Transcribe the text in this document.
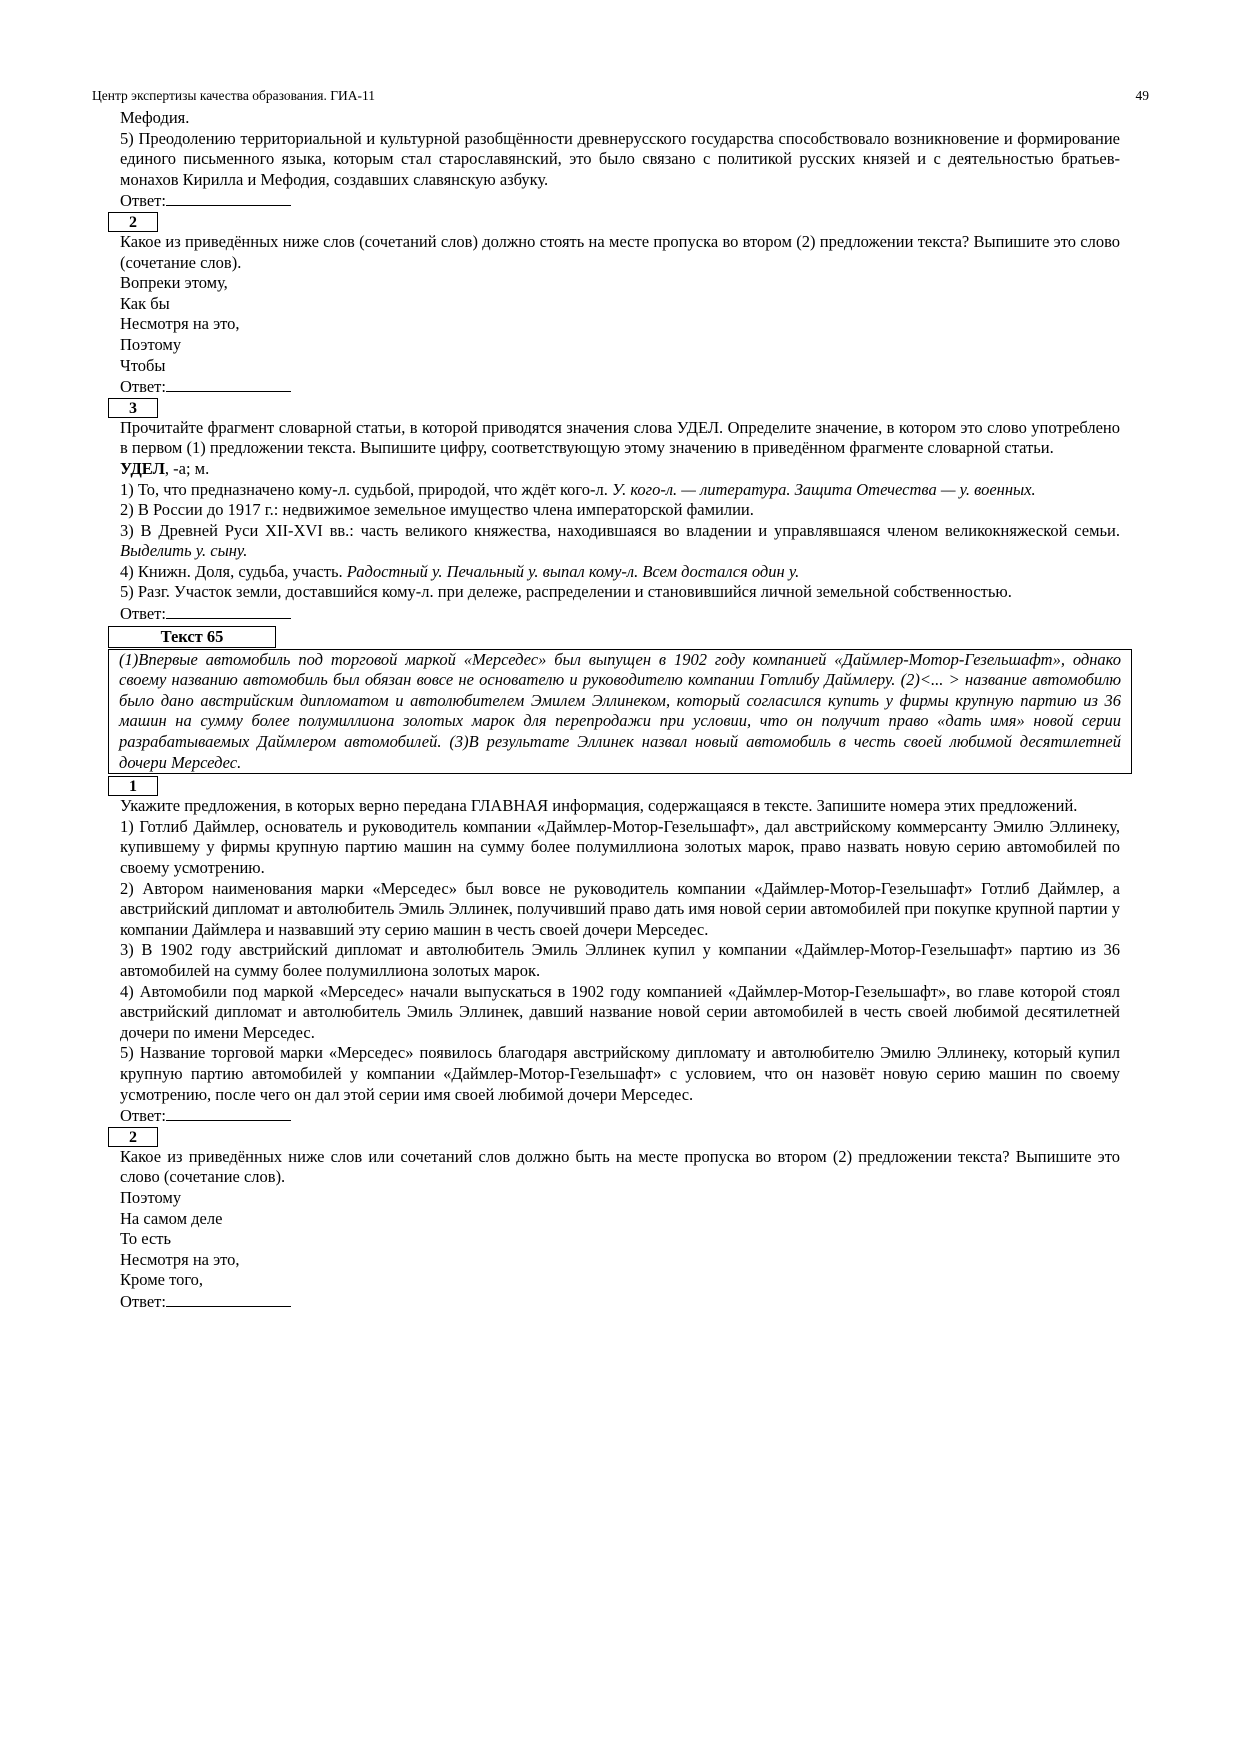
Центр экспертизы качества образования. ГИА-11	49

Мефодия.

5) Преодолению территориальной и культурной разобщённости древнерусского государства способствовало возникновение и формирование единого письменного языка, которым стал старославянский, это было связано с политикой русских князей и с деятельностью братьев-монахов Кирилла и Мефодия, создавших славянскую азбуку.

Ответ:

2

Какое из приведённых ниже слов (сочетаний слов) должно стоять на месте пропуска во втором (2) предложении текста? Выпишите это слово (сочетание слов).

Вопреки этому,

Как бы

Несмотря на это,

Поэтому

Чтобы

Ответ:

3

Прочитайте фрагмент словарной статьи, в которой приводятся значения слова УДЕЛ. Определите значение, в котором это слово употреблено в первом (1) предложении текста. Выпишите цифру, соответствующую этому значению в приведённом фрагменте словарной статьи.

УДЕЛ, -а; м.

1) То, что предназначено кому-л. судьбой, природой, что ждёт кого-л. У. кого-л. — литература. Защита Отечества — у. военных.

2) В России до 1917 г.: недвижимое земельное имущество члена императорской фамилии.

3) В Древней Руси XII-XVI вв.: часть великого княжества, находившаяся во владении и управлявшаяся членом великокняжеской семьи. Выделить у. сыну.

4) Книжн. Доля, судьба, участь. Радостный у. Печальный у. выпал кому-л. Всем достался один у.

5) Разг. Участок земли, доставшийся кому-л. при дележе, распределении и становившийся личной земельной собственностью.

Ответ:

Текст 65
(1)Впервые автомобиль под торговой маркой «Мерседес» был выпущен в 1902 году компанией «Даймлер-Мотор-Гезельшафт», однако своему названию автомобиль был обязан вовсе не основателю и руководителю компании Готлибу Даймлеру. (2)<... > название автомобилю было дано австрийским дипломатом и автолюбителем Эмилем Эллинеком, который согласился купить у фирмы крупную партию из 36 машин на сумму более полумиллиона золотых марок для перепродажи при условии, что он получит право «дать имя» новой серии разрабатываемых Даймлером автомобилей. (3)В результате Эллинек назвал новый автомобиль в честь своей любимой десятилетней дочери Мерседес.
1

Укажите предложения, в которых верно передана ГЛАВНАЯ информация, содержащаяся в тексте. Запишите номера этих предложений.

1) Готлиб Даймлер, основатель и руководитель компании «Даймлер-Мотор-Гезельшафт», дал австрийскому коммерсанту Эмилю Эллинеку, купившему у фирмы крупную партию машин на сумму более полумиллиона золотых марок, право назвать новую серию автомобилей по своему усмотрению.

2) Автором наименования марки «Мерседес» был вовсе не руководитель компании «Даймлер-Мотор-Гезельшафт» Готлиб Даймлер, а австрийский дипломат и автолюбитель Эмиль Эллинек, получивший право дать имя новой серии автомобилей при покупке крупной партии у компании Даймлера и назвавший эту серию машин в честь своей дочери Мерседес.

3) В 1902 году австрийский дипломат и автолюбитель Эмиль Эллинек купил у компании «Даймлер-Мотор-Гезельшафт» партию из 36 автомобилей на сумму более полумиллиона золотых марок.

4) Автомобили под маркой «Мерседес» начали выпускаться в 1902 году компанией «Даймлер-Мотор-Гезельшафт», во главе которой стоял австрийский дипломат и автолюбитель Эмиль Эллинек, давший название новой серии автомобилей в честь своей любимой десятилетней дочери по имени Мерседес.

5) Название торговой марки «Мерседес» появилось благодаря австрийскому дипломату и автолюбителю Эмилю Эллинеку, который купил крупную партию автомобилей у компании «Даймлер-Мотор-Гезельшафт» с условием, что он назовёт новую серию машин по своему усмотрению, после чего он дал этой серии имя своей любимой дочери Мерседес.

Ответ:

2

Какое из приведённых ниже слов или сочетаний слов должно быть на месте пропуска во втором (2) предложении текста? Выпишите это слово (сочетание слов).

Поэтому

На самом деле

То есть

Несмотря на это,

Кроме того,

Ответ:
